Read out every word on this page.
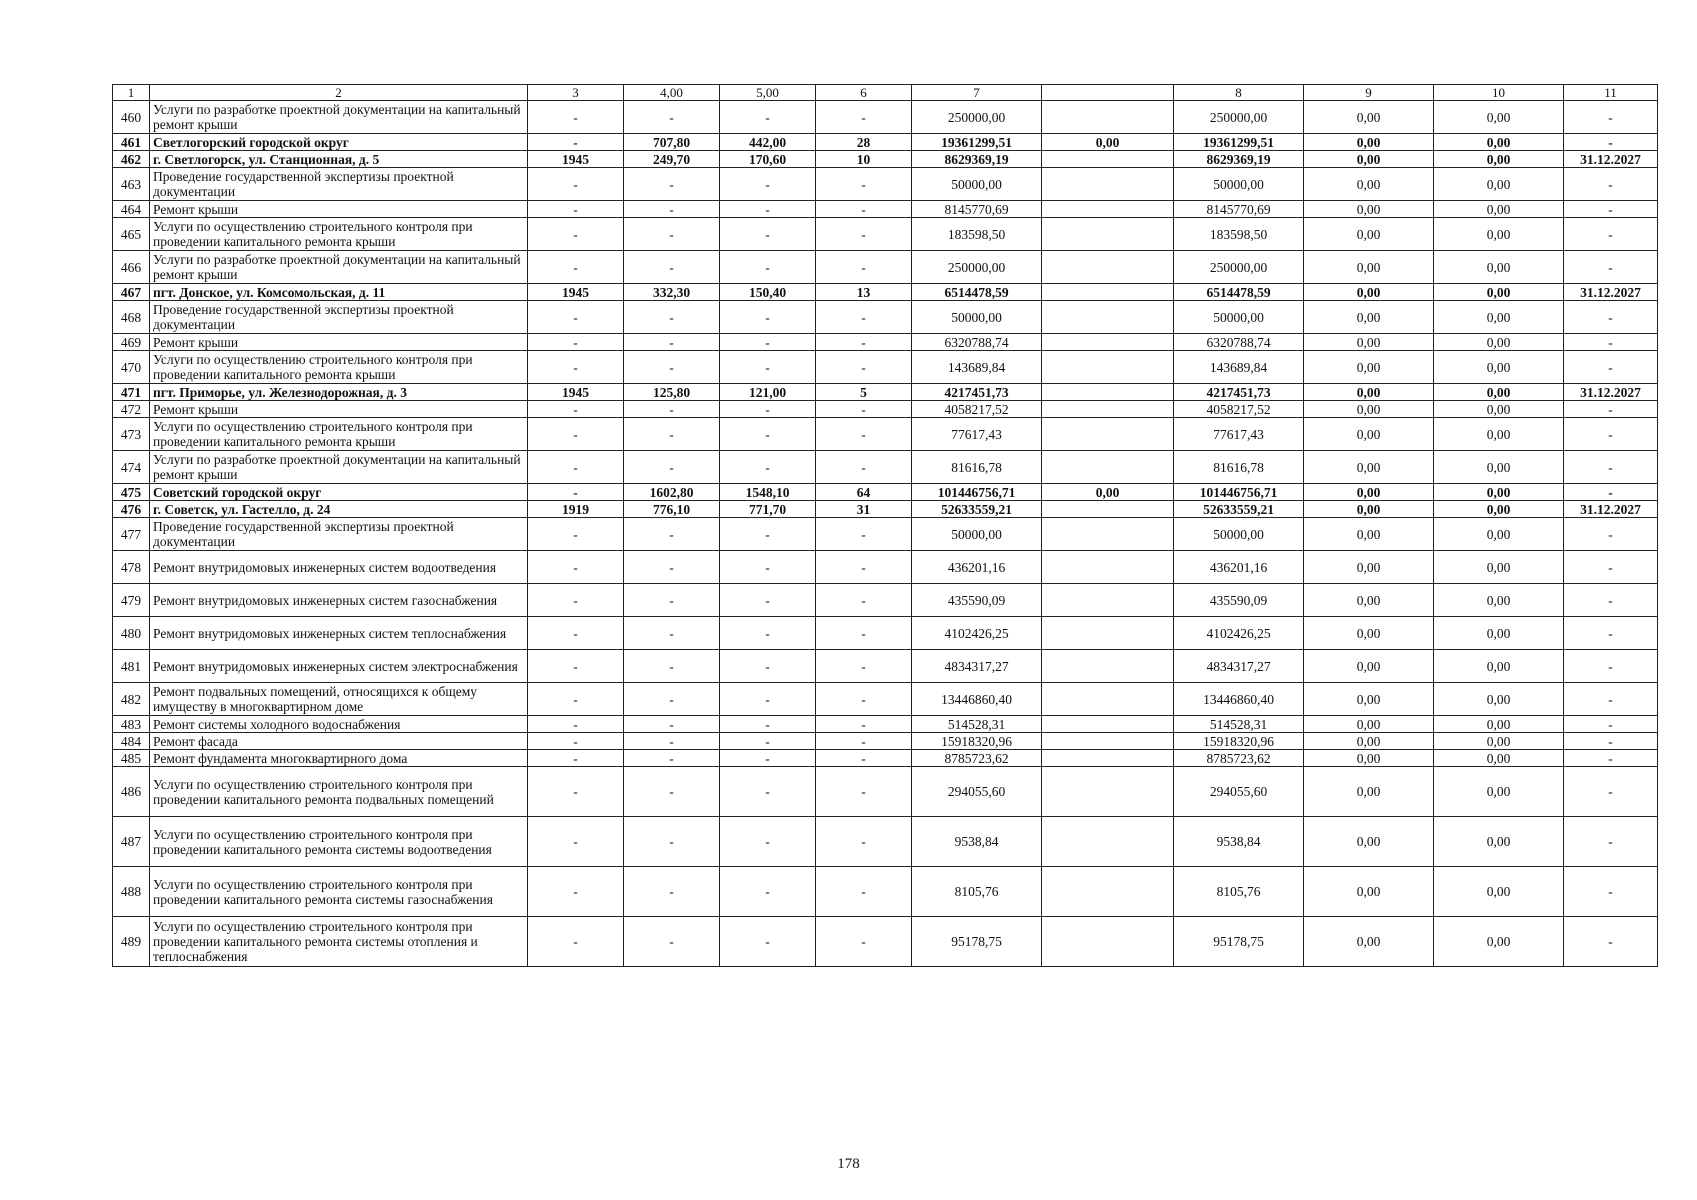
1	2	3	4,00	5,00	6	7		8	9	10	11
460	Услуги по разработке проектной документации на капитальный ремонт крыши	-	-	-	-	250000,00		250000,00	0,00	0,00	-
461	Светлогорский городской округ	-	707,80	442,00	28	19361299,51	0,00	19361299,51	0,00	0,00	-
462	г. Светлогорск, ул. Станционная, д. 5	1945	249,70	170,60	10	8629369,19		8629369,19	0,00	0,00	31.12.2027
463	Проведение государственной экспертизы проектной документации	-	-	-	-	50000,00		50000,00	0,00	0,00	-
464	Ремонт крыши	-	-	-	-	8145770,69		8145770,69	0,00	0,00	-
465	Услуги по осуществлению строительного контроля при проведении капитального ремонта крыши	-	-	-	-	183598,50		183598,50	0,00	0,00	-
466	Услуги по разработке проектной документации на капитальный ремонт крыши	-	-	-	-	250000,00		250000,00	0,00	0,00	-
467	пгт. Донское, ул. Комсомольская, д. 11	1945	332,30	150,40	13	6514478,59		6514478,59	0,00	0,00	31.12.2027
468	Проведение государственной экспертизы проектной документации	-	-	-	-	50000,00		50000,00	0,00	0,00	-
469	Ремонт крыши	-	-	-	-	6320788,74		6320788,74	0,00	0,00	-
470	Услуги по осуществлению строительного контроля при проведении капитального ремонта крыши	-	-	-	-	143689,84		143689,84	0,00	0,00	-
471	пгт. Приморье, ул. Железнодорожная, д. 3	1945	125,80	121,00	5	4217451,73		4217451,73	0,00	0,00	31.12.2027
472	Ремонт крыши	-	-	-	-	4058217,52		4058217,52	0,00	0,00	-
473	Услуги по осуществлению строительного контроля при проведении капитального ремонта крыши	-	-	-	-	77617,43		77617,43	0,00	0,00	-
474	Услуги по разработке проектной документации на капитальный ремонт крыши	-	-	-	-	81616,78		81616,78	0,00	0,00	-
475	Советский городской округ	-	1602,80	1548,10	64	101446756,71	0,00	101446756,71	0,00	0,00	-
476	г. Советск, ул. Гастелло, д. 24	1919	776,10	771,70	31	52633559,21		52633559,21	0,00	0,00	31.12.2027
477	Проведение государственной экспертизы проектной документации	-	-	-	-	50000,00		50000,00	0,00	0,00	-
478	Ремонт внутридомовых инженерных систем водоотведения	-	-	-	-	436201,16		436201,16	0,00	0,00	-
479	Ремонт внутридомовых инженерных систем газоснабжения	-	-	-	-	435590,09		435590,09	0,00	0,00	-
480	Ремонт внутридомовых инженерных систем теплоснабжения	-	-	-	-	4102426,25		4102426,25	0,00	0,00	-
481	Ремонт внутридомовых инженерных систем электроснабжения	-	-	-	-	4834317,27		4834317,27	0,00	0,00	-
482	Ремонт подвальных помещений, относящихся к общему имуществу в многоквартирном доме	-	-	-	-	13446860,40		13446860,40	0,00	0,00	-
483	Ремонт системы холодного водоснабжения	-	-	-	-	514528,31		514528,31	0,00	0,00	-
484	Ремонт фасада	-	-	-	-	15918320,96		15918320,96	0,00	0,00	-
485	Ремонт фундамента многоквартирного дома	-	-	-	-	8785723,62		8785723,62	0,00	0,00	-
486	Услуги по осуществлению строительного контроля при проведении капитального ремонта подвальных помещений	-	-	-	-	294055,60		294055,60	0,00	0,00	-
487	Услуги по осуществлению строительного контроля при проведении капитального ремонта системы водоотведения	-	-	-	-	9538,84		9538,84	0,00	0,00	-
488	Услуги по осуществлению строительного контроля при проведении капитального ремонта системы газоснабжения	-	-	-	-	8105,76		8105,76	0,00	0,00	-
489	Услуги по осуществлению строительного контроля при проведении капитального ремонта системы отопления и теплоснабжения	-	-	-	-	95178,75		95178,75	0,00	0,00	-
178
